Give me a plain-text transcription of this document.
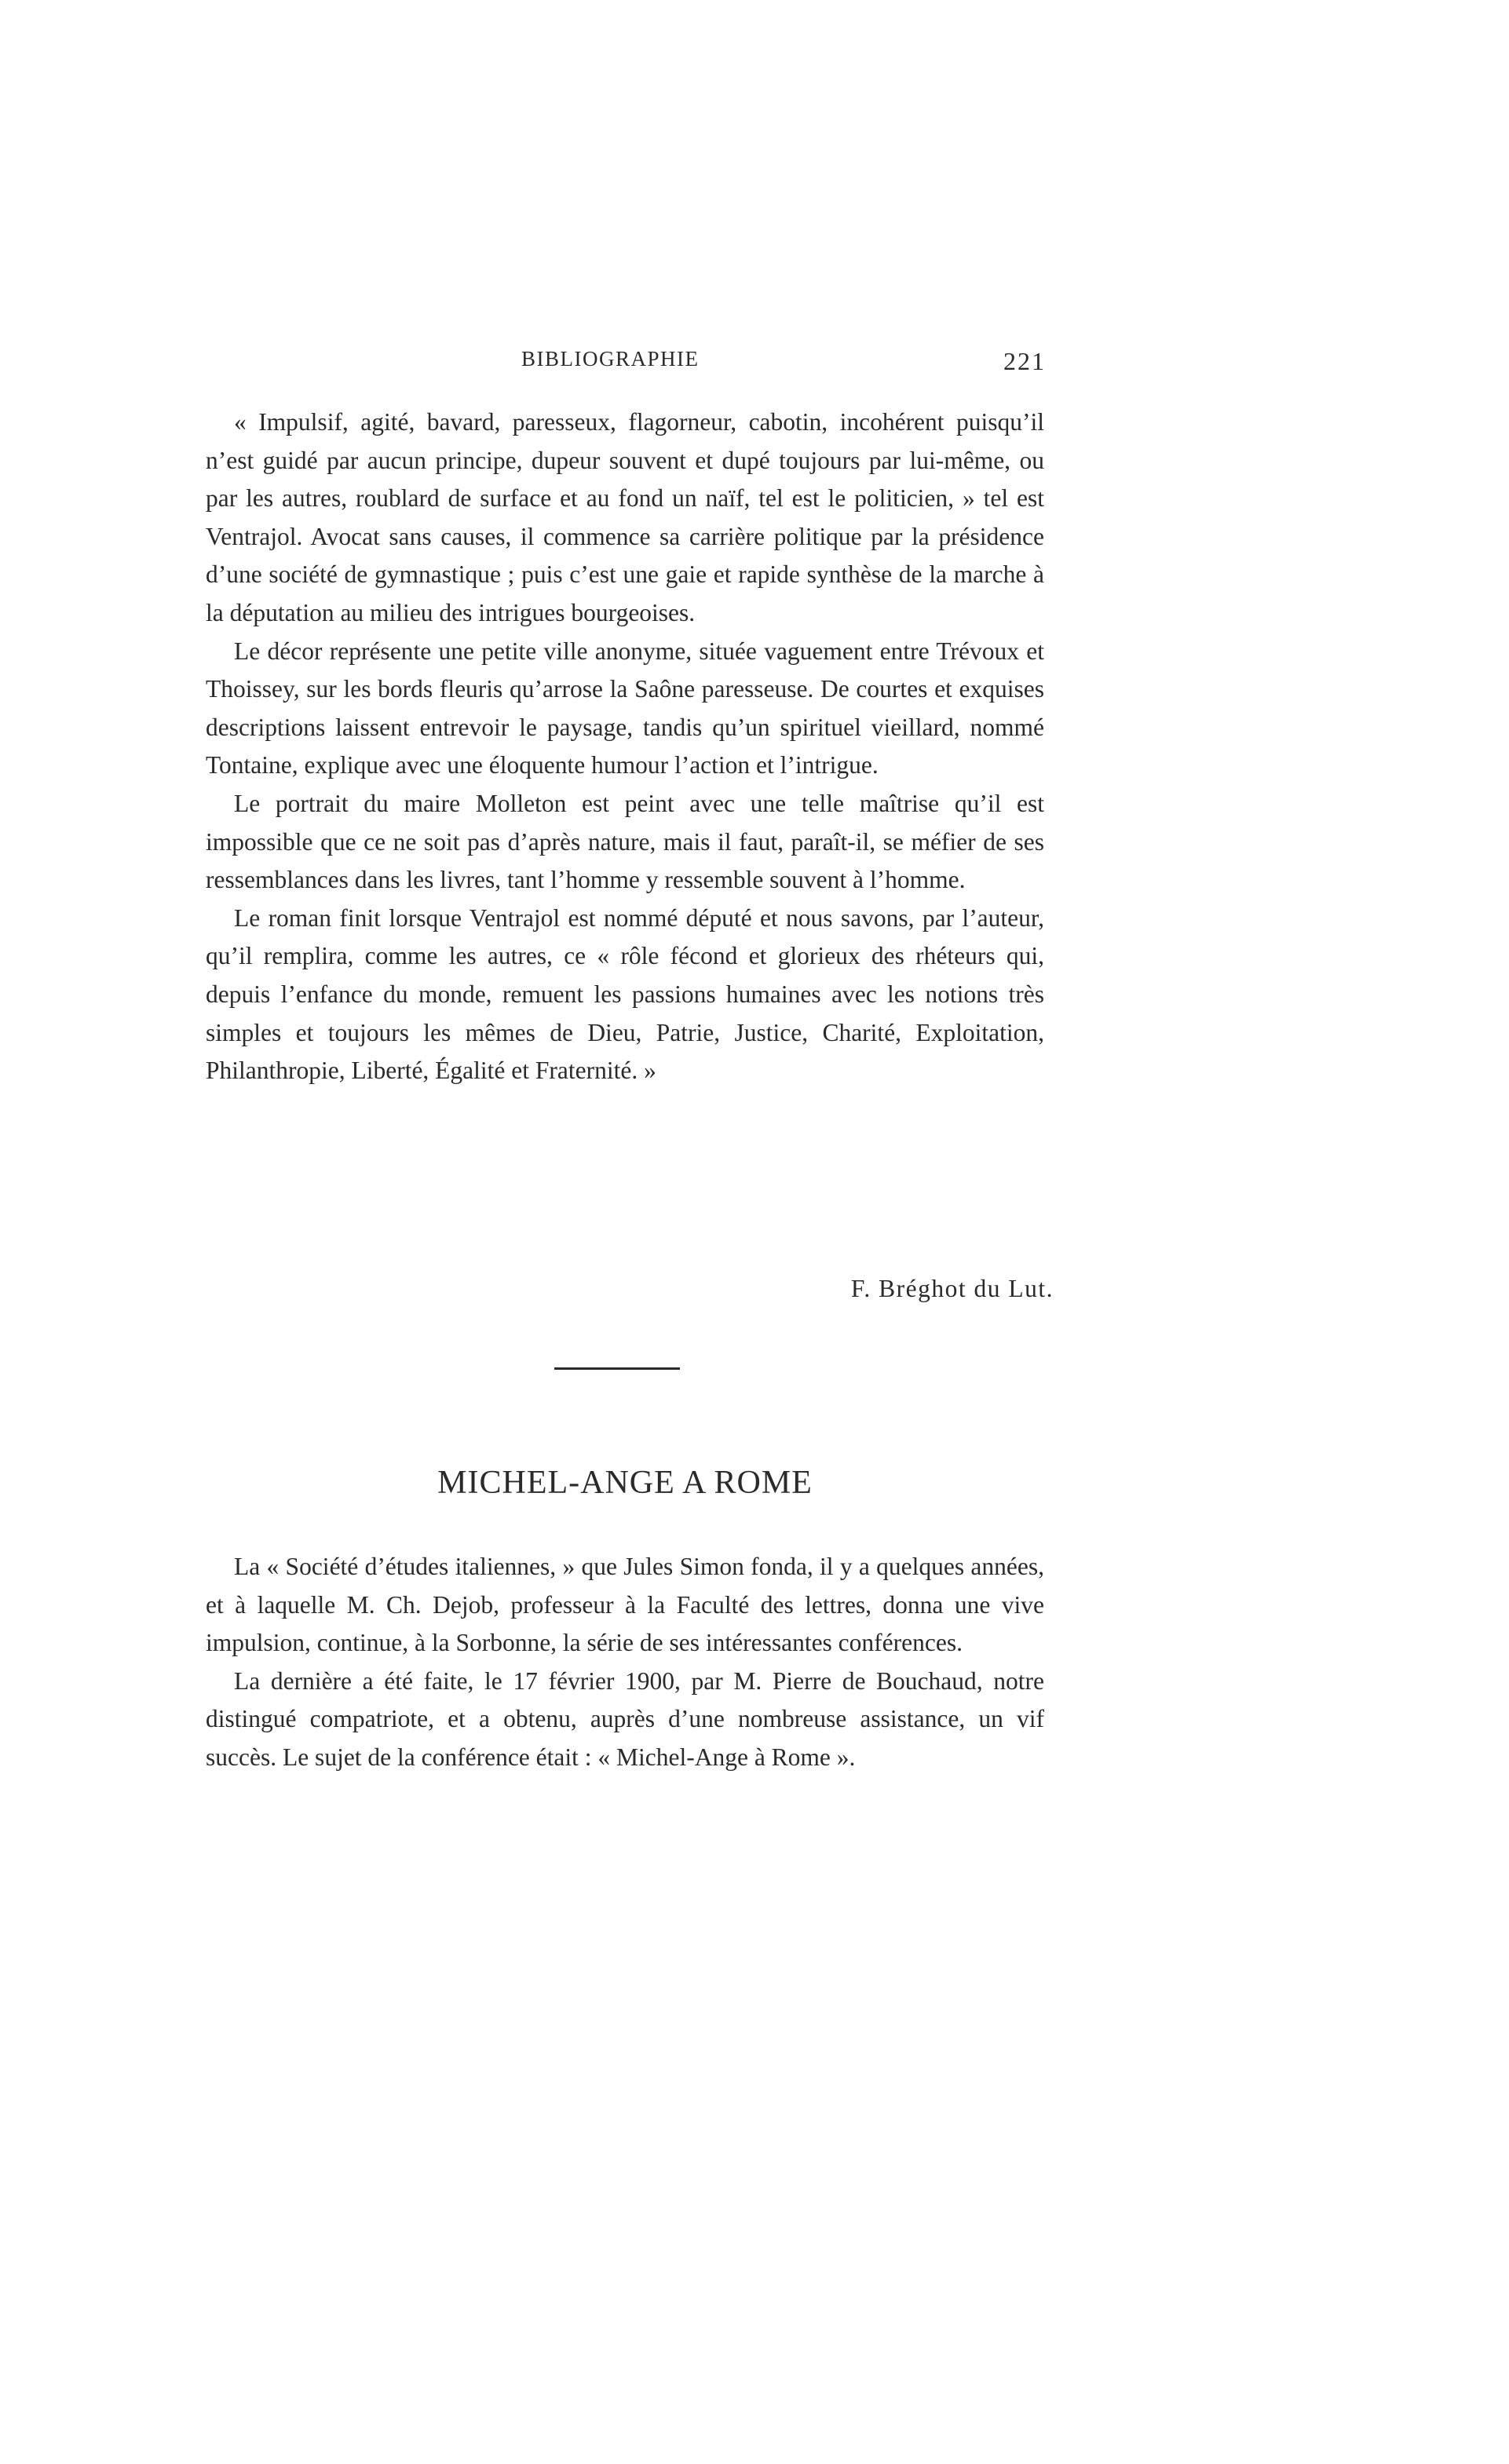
BIBLIOGRAPHIE	221

« Impulsif, agité, bavard, paresseux, flagorneur, cabotin, incohérent puisqu’il n’est guidé par aucun principe, dupeur souvent et dupé toujours par lui-même, ou par les autres, roublard de surface et au fond un naïf, tel est le politicien, » tel est Ventrajol. Avocat sans causes, il commence sa carrière politique par la présidence d’une société de gymnastique ; puis c’est une gaie et rapide synthèse de la marche à la députation au milieu des intrigues bourgeoises.

Le décor représente une petite ville anonyme, située vaguement entre Trévoux et Thoissey, sur les bords fleuris qu’arrose la Saône paresseuse. De courtes et exquises descriptions laissent entrevoir le paysage, tandis qu’un spirituel vieillard, nommé Tontaine, explique avec une éloquente humour l’action et l’intrigue.

Le portrait du maire Molleton est peint avec une telle maîtrise qu’il est impossible que ce ne soit pas d’après nature, mais il faut, paraît-il, se méfier de ses ressemblances dans les livres, tant l’homme y ressemble souvent à l’homme.

Le roman finit lorsque Ventrajol est nommé député et nous savons, par l’auteur, qu’il remplira, comme les autres, ce « rôle fécond et glorieux des rhéteurs qui, depuis l’enfance du monde, remuent les passions humaines avec les notions très simples et toujours les mêmes de Dieu, Patrie, Justice, Charité, Exploitation, Philanthropie, Liberté, Égalité et Fraternité. »

F. Bréghot du Lut.
MICHEL-ANGE A ROME

La « Société d’études italiennes, » que Jules Simon fonda, il y a quelques années, et à laquelle M. Ch. Dejob, professeur à la Faculté des lettres, donna une vive impulsion, continue, à la Sorbonne, la série de ses intéressantes conférences.

La dernière a été faite, le 17 février 1900, par M. Pierre de Bouchaud, notre distingué compatriote, et a obtenu, auprès d’une nombreuse assistance, un vif succès. Le sujet de la conférence était : « Michel-Ange à Rome ».
